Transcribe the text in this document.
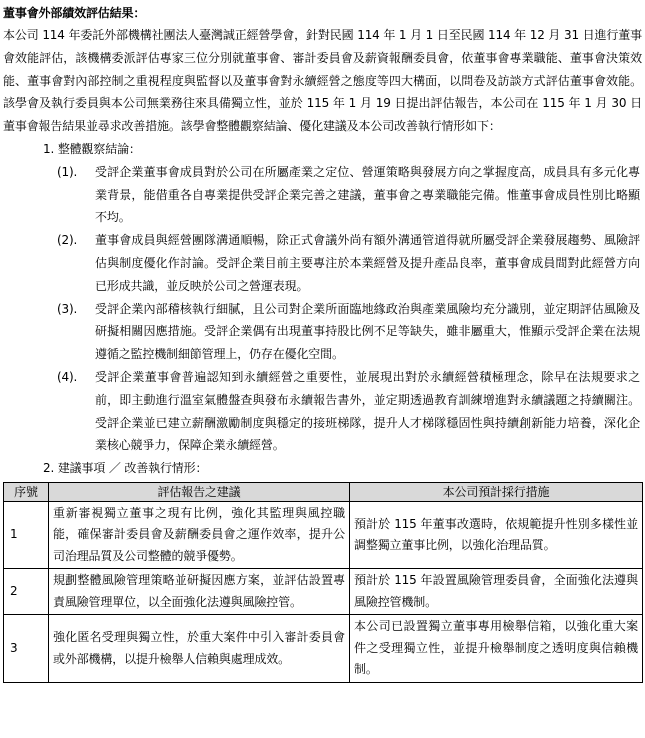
董事會外部績效評估結果：

本公司 114 年委託外部機構社團法人臺灣誠正經營學會，針對民國 114 年 1 月 1 日至民國 114 年 12 月 31 日進行董事會效能評估，該機構委派評估專家三位分別就董事會、審計委員會及薪資報酬委員會，依董事會專業職能、董事會決策效能、董事會對內部控制之重視程度與監督以及董事會對永續經營之態度等四大構面，以問卷及訪談方式評估董事會效能。該學會及執行委員與本公司無業務往來具備獨立性，並於 115 年 1 月 19 日提出評估報告，本公司在 115 年 1 月 30 日董事會報告結果並尋求改善措施。該學會整體觀察結論、優化建議及本公司改善執行情形如下：

1. 整體觀察結論：

(1).	受評企業董事會成員對於公司在所屬產業之定位、營運策略與發展方向之掌握度高，成員具有多元化專業背景，能借重各自專業提供受評企業完善之建議，董事會之專業職能完備。惟董事會成員性別比略顯不均。
(2).	董事會成員與經營團隊溝通順暢，除正式會議外尚有額外溝通管道得就所屬受評企業發展趨勢、風險評估與制度優化作討論。受評企業目前主要專注於本業經營及提升產品良率，董事會成員間對此經營方向已形成共識，並反映於公司之營運表現。
(3).	受評企業內部稽核執行細膩，且公司對企業所面臨地緣政治與產業風險均充分識別，並定期評估風險及研擬相關因應措施。受評企業偶有出現董事持股比例不足等缺失，雖非屬重大，惟顯示受評企業在法規遵循之監控機制細節管理上，仍存在優化空間。
(4).	受評企業董事會普遍認知到永續經營之重要性，並展現出對於永續經營積極理念，除早在法規要求之前，即主動進行溫室氣體盤查與發布永續報告書外，並定期透過教育訓練增進對永續議題之持續關注。受評企業並已建立薪酬激勵制度與穩定的接班梯隊，提升人才梯隊穩固性與持續創新能力培養，深化企業核心競爭力，保障企業永續經營。

2. 建議事項 ／ 改善執行情形：

序號	評估報告之建議	本公司預計採行措施
1	重新審視獨立董事之現有比例，強化其監理與風控職能，確保審計委員會及薪酬委員會之運作效率，提升公司治理品質及公司整體的競爭優勢。	預計於 115 年董事改選時，依規範提升性別多樣性並調整獨立董事比例，以強化治理品質。
2	規劃整體風險管理策略並研擬因應方案，並評估設置專責風險管理單位，以全面強化法遵與風險控管。	預計於 115 年設置風險管理委員會，全面強化法遵與風險控管機制。
3	強化匿名受理與獨立性，於重大案件中引入審計委員會或外部機構，以提升檢舉人信賴與處理成效。	本公司已設置獨立董事專用檢舉信箱，以強化重大案件之受理獨立性，並提升檢舉制度之透明度與信賴機制。
